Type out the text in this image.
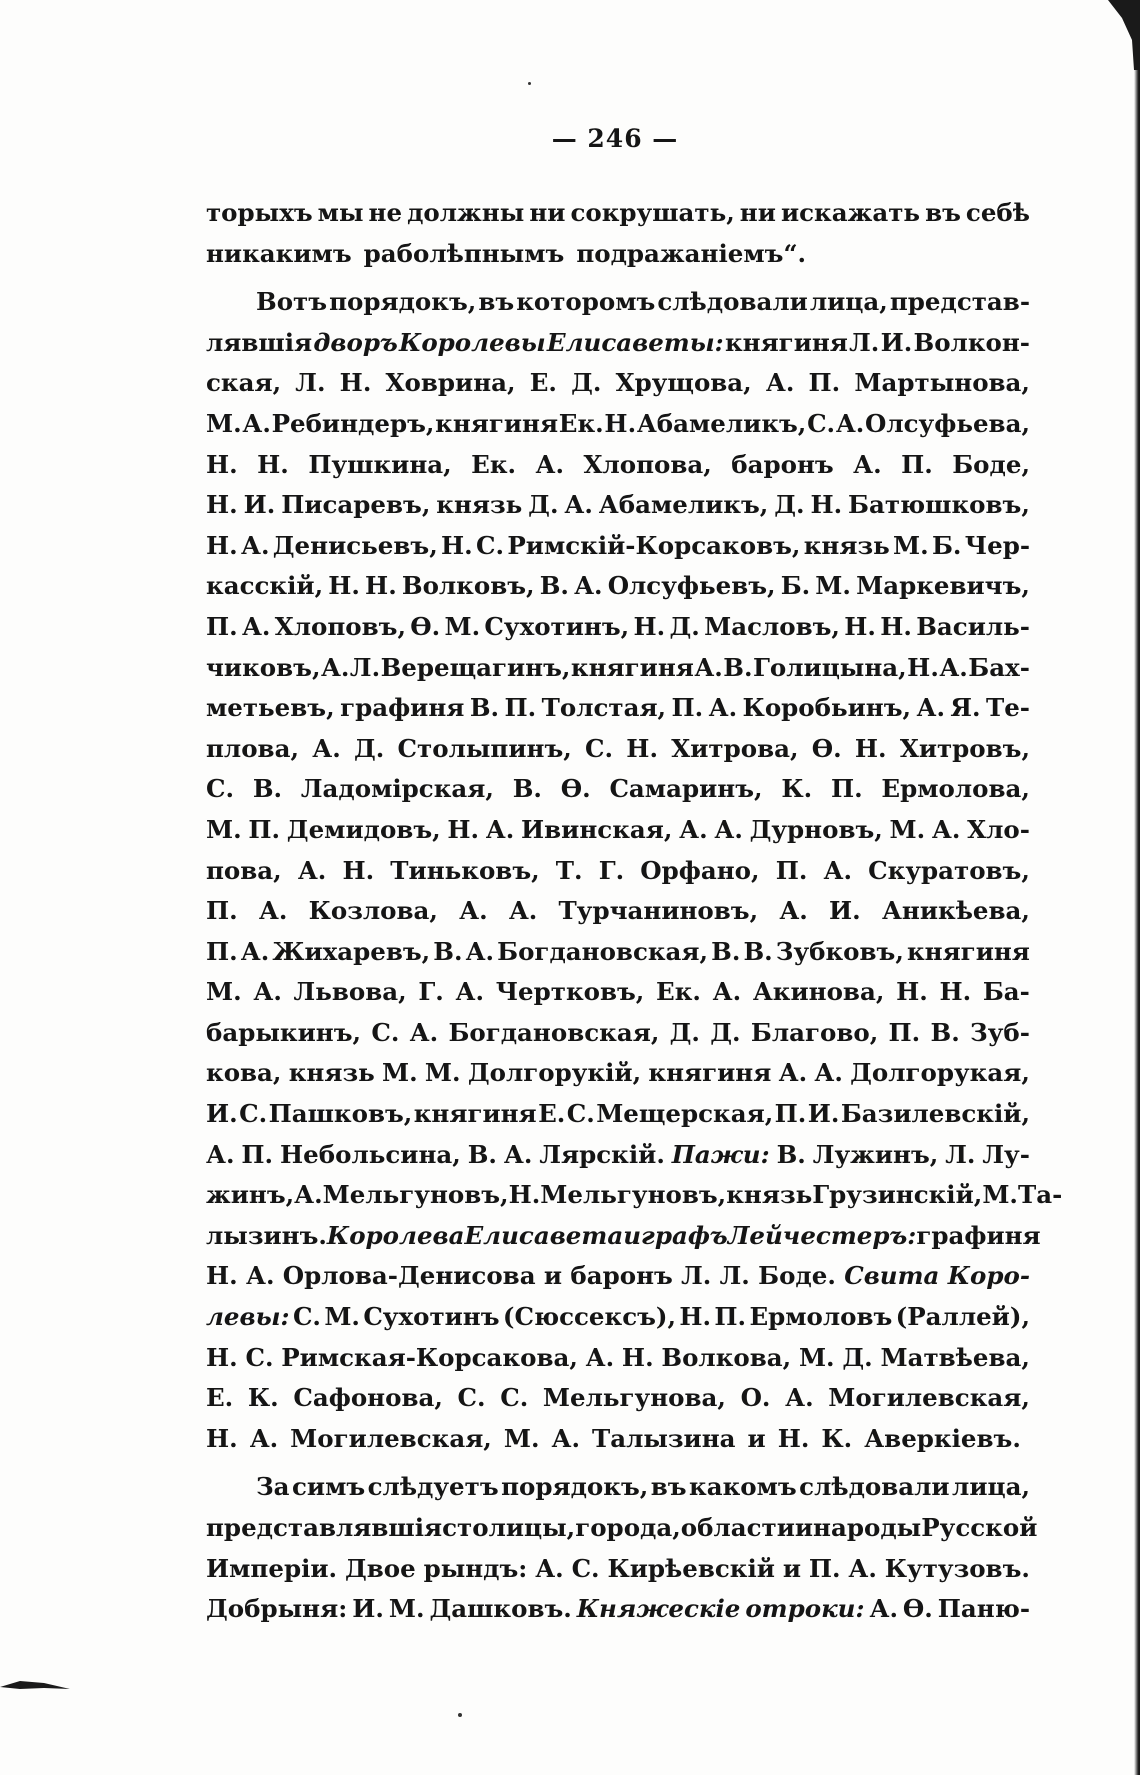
— 246 —
торыхъ мы не должны ни сокрушать, ни искажать въ себѣ
никакимъ раболѣпнымъ подражаніемъ“.
Вотъ порядокъ, въ которомъ слѣдовали лица, представ-
лявшія дворъ Королевы Елисаветы: княгиня Л. И. Волкон-
ская, Л. Н. Ховрина, Е. Д. Хрущова, А. П. Мартынова,
М. А. Ребиндеръ, княгиня Ек. Н. Абамеликъ, С. А. Олсуфьева,
Н. Н. Пушкина, Ек. А. Хлопова, баронъ А. П. Боде,
Н. И. Писаревъ, князь Д. А. Абамеликъ, Д. Н. Батюшковъ,
Н. А. Денисьевъ, Н. С. Римскій-Корсаковъ, князь М. Б. Чер-
касскій, Н. Н. Волковъ, В. А. Олсуфьевъ, Б. М. Маркевичъ,
П. А. Хлоповъ, Ѳ. М. Сухотинъ, Н. Д. Масловъ, Н. Н. Василь-
чиковъ, А. Л. Верещагинъ, княгиня А. В. Голицына, Н. А. Бах-
метьевъ, графиня В. П. Толстая, П. А. Коробьинъ, А. Я. Те-
плова, А. Д. Столыпинъ, С. Н. Хитрова, Ѳ. Н. Хитровъ,
С. В. Ладомірская, В. Ѳ. Самаринъ, К. П. Ермолова,
М. П. Демидовъ, Н. А. Ивинская, А. А. Дурновъ, М. А. Хло-
пова, А. Н. Тиньковъ, Т. Г. Орфано, П. А. Скуратовъ,
П. А. Козлова, А. А. Турчаниновъ, А. И. Аникѣева,
П. А. Жихаревъ, В. А. Богдановская, В. В. Зубковъ, княгиня
М. А. Львова, Г. А. Чертковъ, Ек. А. Акинова, Н. Н. Ба-
барыкинъ, С. А. Богдановская, Д. Д. Благово, П. В. Зуб-
кова, князь М. М. Долгорукій, княгиня А. А. Долгорукая,
И. С. Пашковъ, княгиня Е. С. Мещерская, П. И. Базилевскій,
А. П. Небольсина, В. А. Лярскій. Пажи: В. Лужинъ, Л. Лу-
жинъ, А. Мельгуновъ, Н. Мельгуновъ, князь Грузинскій, М. Та-
лызинъ. Королева Елисавета и графъ Лейчестеръ: графиня
Н. А. Орлова-Денисова и баронъ Л. Л. Боде. Свита Коро-
левы: С. М. Сухотинъ (Сюссексъ), Н. П. Ермоловъ (Раллей),
Н. С. Римская-Корсакова, А. Н. Волкова, М. Д. Матвѣева,
Е. К. Сафонова, С. С. Мельгунова, О. А. Могилевская,
Н. А. Могилевская, М. А. Талызина и Н. К. Аверкіевъ.
За симъ слѣдуетъ порядокъ, въ какомъ слѣдовали лица,
представлявшія столицы, города, области и народы Русской
Имперіи. Двое рындъ: А. С. Кирѣевскій и П. А. Кутузовъ.
Добрыня: И. М. Дашковъ. Княжескіе отроки: А. Ѳ. Паню-
